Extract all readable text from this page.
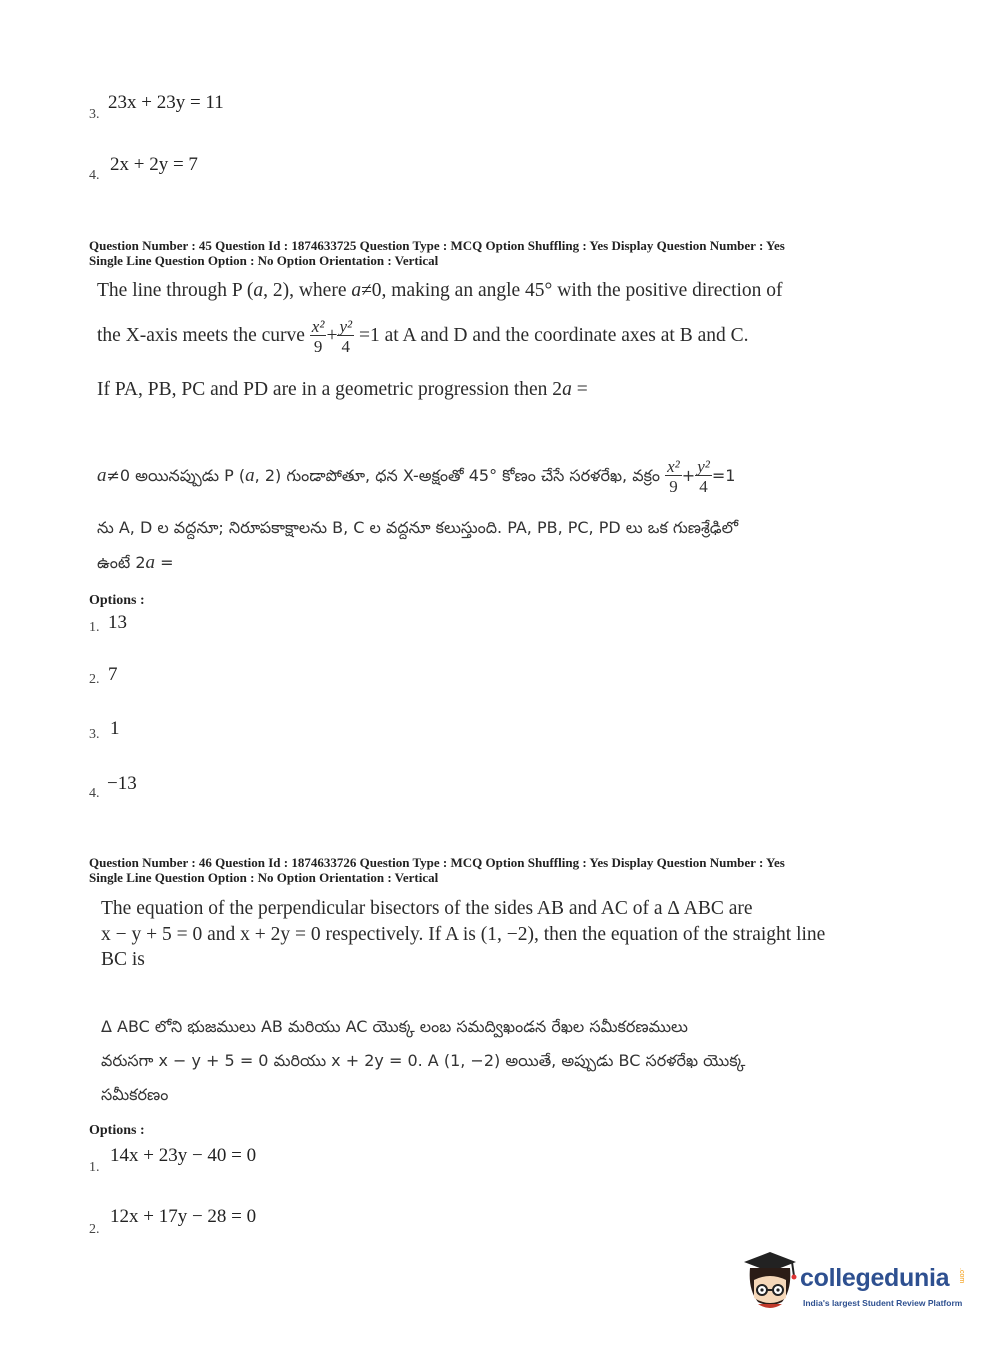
3.
23x + 23y = 11
4.
2x + 2y = 7
Question Number : 45 Question Id : 1874633725 Question Type : MCQ Option Shuffling : Yes Display Question Number : Yes
Single Line Question Option : No Option Orientation : Vertical
The line through P (a, 2), where a≠0, making an angle 45° with the positive direction of
the X-axis meets the curve $\frac{\text{x²}}{9} + \frac{\text{y²}}{4} =1$ at A and D and the coordinate axes at B and C.
If PA, PB, PC and PD are in a geometric progression then 2a =
a≠0 అయినప్పుడు P (a, 2) గుండాపోతూ, ధన X-అక్షంతో 45° కోణం చేసే సరళరేఖ, వక్రం $\frac{\text{x²}}{9} + \frac{\text{y²}}{4} =1$
ను A, D ల వద్దనూ; నిరూపకాక్షాలను B, C ల వద్దనూ కలుస్తుంది. PA, PB, PC, PD లు ఒక గుణశ్రేఢిలో
ఉంటే 2a =
Options :
1. 13
2. 7
3. 1
4. −13
Question Number : 46 Question Id : 1874633726 Question Type : MCQ Option Shuffling : Yes Display Question Number : Yes
Single Line Question Option : No Option Orientation : Vertical
The equation of the perpendicular bisectors of the sides AB and AC of a Δ ABC are
x − y + 5 = 0 and x + 2y = 0 respectively. If A is (1, −2), then the equation of the straight line
BC is
Δ ABC లోని భుజములు AB మరియు AC యొక్క లంబ సమద్విఖండన రేఖల సమీకరణములు
వరుసగా x − y + 5 = 0 మరియు x + 2y = 0. A (1, −2) అయితే, అప్పుడు BC సరళరేఖ యొక్క
సమీకరణం
Options :
1.
14x + 23y − 40 = 0
2.
12x + 17y − 28 = 0
collegedunia .com
India's largest Student Review Platform
